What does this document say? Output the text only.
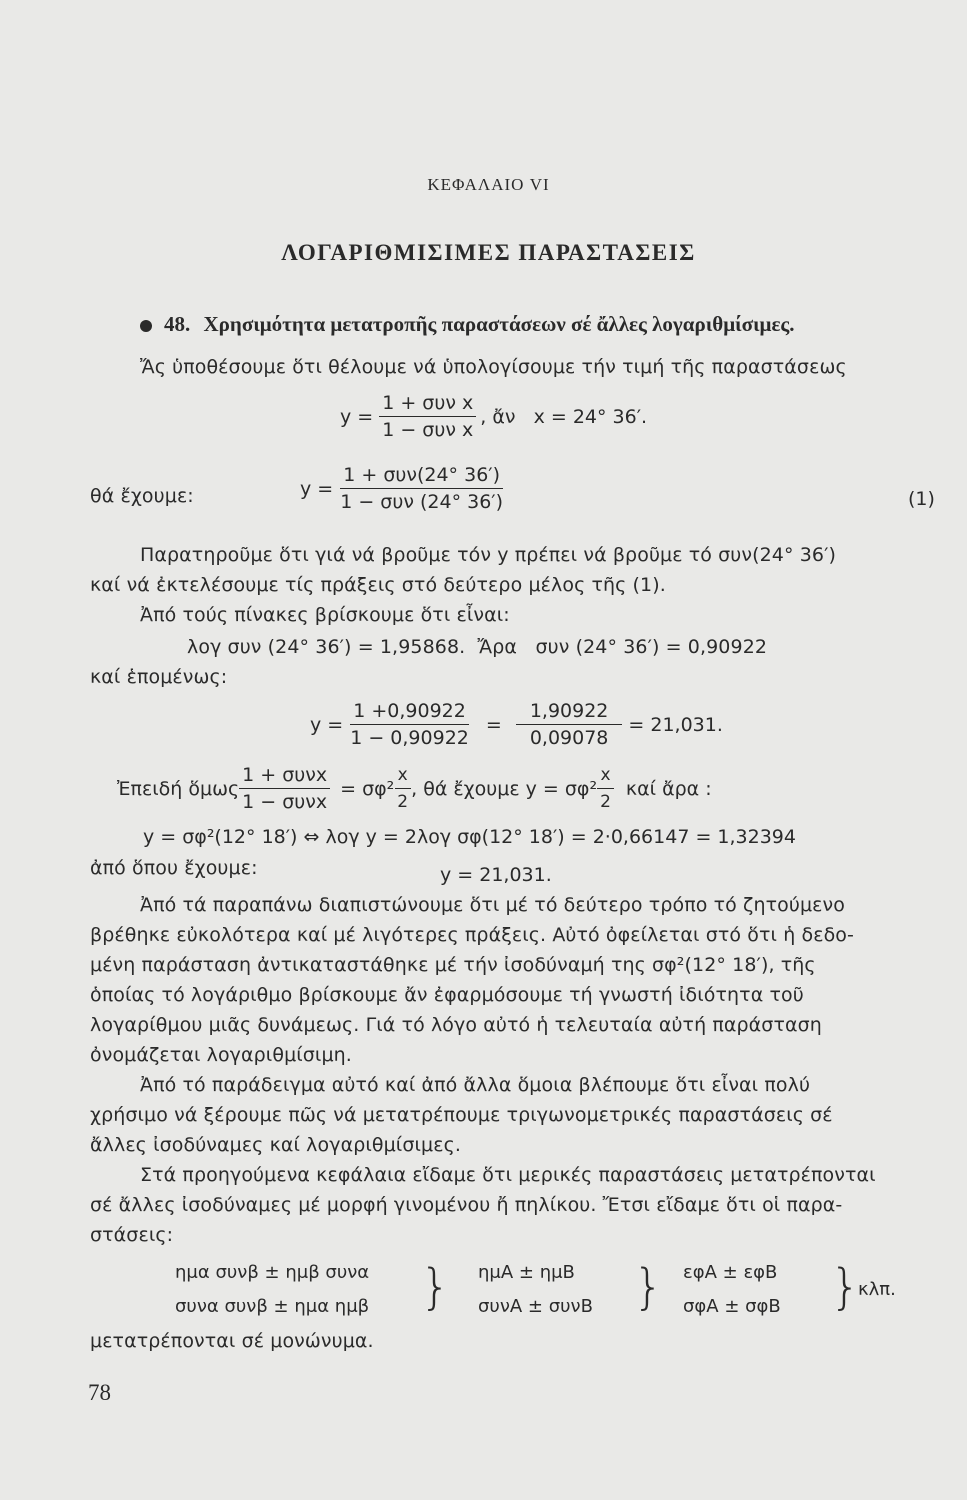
ΚΕΦΑΛΑΙΟ VI
ΛΟΓΑΡΙΘΜΙΣΙΜΕΣ ΠΑΡΑΣΤΑΣΕΙΣ
48. Χρησιμότητα μετατροπῆς παραστάσεων σέ ἄλλες λογαριθμίσιμες.
Ἄς ὑποθέσουμε ὅτι θέλουμε νά ὑπολογίσουμε τήν τιμή τῆς παραστάσεως
$y = \frac{\text{1 + συν x}}{\text{1 − συν x}}$ , ἄν   x = 24° 36′.
θά ἔχουμε:	$y = \frac{\text{1 + συν(24° 36′)}}{\text{1 − συν (24° 36′)}}$	(1)
Παρατηροῦμε ὅτι γιά νά βροῦμε τόν y πρέπει νά βροῦμε τό συν(24° 36′)
καί νά ἐκτελέσουμε τίς πράξεις στό δεύτερο μέλος τῆς (1).
Ἀπό τούς πίνακες βρίσκουμε ὅτι εἶναι:
λογ συν (24° 36′) = 1,95868.  Ἄρα   συν (24° 36′) = 0,90922
καί ἑπομένως:
$y = \frac{1 +0,90922}{1 - 0,90922} = \frac{1,90922}{0,09078} = 21,031$.
Ἐπειδή ὅμως $\frac{\text{1 + συνx}}{\text{1 − συνx}} = \sigma\varphi^2 \frac{x}{2}$ , θά ἔχουμε $y = \sigma\varphi^2 \frac{x}{2}$ καί ἄρα :
y = σφ²(12° 18′) ⇔ λογ y = 2λογ σφ(12° 18′) = 2·0,66147 = 1,32394
ἀπό ὅπου ἔχουμε:	y = 21,031.
Ἀπό τά παραπάνω διαπιστώνουμε ὅτι μέ τό δεύτερο τρόπο τό ζητούμενο
βρέθηκε εὐκολότερα καί μέ λιγότερες πράξεις. Αὐτό ὀφείλεται στό ὅτι ἡ δεδο-
μένη παράσταση ἀντικαταστάθηκε μέ τήν ἰσοδύναμή της σφ²(12° 18′), τῆς
ὁποίας τό λογάριθμο βρίσκουμε ἄν ἐφαρμόσουμε τή γνωστή ἰδιότητα τοῦ
λογαρίθμου μιᾶς δυνάμεως. Γιά τό λόγο αὐτό ἡ τελευταία αὐτή παράσταση
ὀνομάζεται λογαριθμίσιμη.
Ἀπό τό παράδειγμα αὐτό καί ἀπό ἄλλα ὅμοια βλέπουμε ὅτι εἶναι πολύ
χρήσιμο νά ξέρουμε πῶς νά μετατρέπουμε τριγωνομετρικές παραστάσεις σέ
ἄλλες ἰσοδύναμες καί λογαριθμίσιμες.
Στά προηγούμενα κεφάλαια εἴδαμε ὅτι μερικές παραστάσεις μετατρέπονται
σέ ἄλλες ἰσοδύναμες μέ μορφή γινομένου ἤ πηλίκου. Ἔτσι εἴδαμε ὅτι οἱ παρα-
στάσεις:
ημα συνβ ± ημβ συνα
συνα συνβ ± ημα ημβ } ημΑ ± ημΒ
συνΑ ± συνΒ } εφΑ ± εφΒ
σφΑ ± σφΒ }
κλπ.
μετατρέπονται σέ μονώνυμα.
78
